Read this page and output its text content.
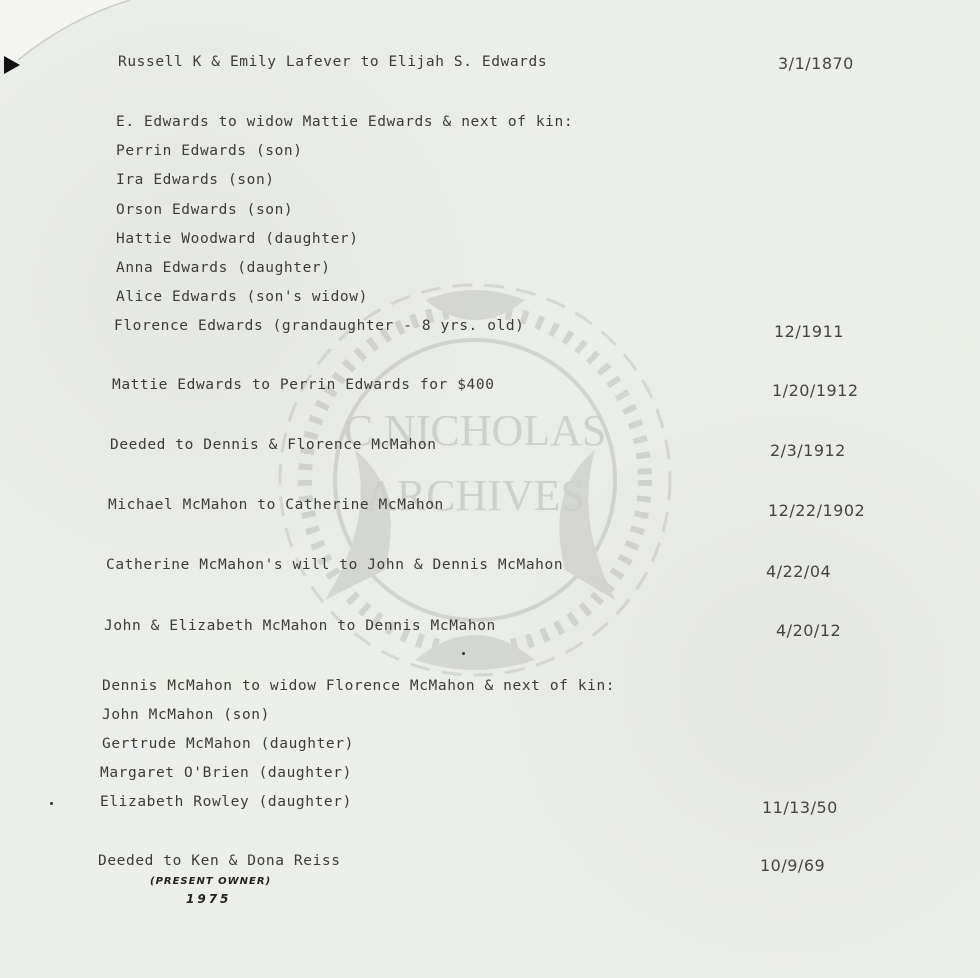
C.NICHOLAS
ARCHIVES
Russell K & Emily Lafever to Elijah S. Edwards	3/1/1870
E. Edwards to widow Mattie Edwards & next of kin:
Perrin Edwards (son)
Ira Edwards (son)
Orson Edwards (son)
Hattie Woodward (daughter)
Anna Edwards (daughter)
Alice Edwards (son's widow)
Florence Edwards (grandaughter - 8 yrs. old)	12/1911
Mattie Edwards to Perrin Edwards for $400	1/20/1912
Deeded to Dennis & Florence McMahon	2/3/1912
Michael McMahon to Catherine McMahon	12/22/1902
Catherine McMahon's will to John & Dennis McMahon	4/22/04
John & Elizabeth McMahon to Dennis McMahon	4/20/12
Dennis McMahon to widow Florence McMahon & next of kin:
John McMahon (son)
Gertrude McMahon (daughter)
Margaret O'Brien (daughter)
Elizabeth Rowley (daughter)	11/13/50
Deeded to Ken & Dona Reiss	10/9/69
(PRESENT OWNER)
1975
